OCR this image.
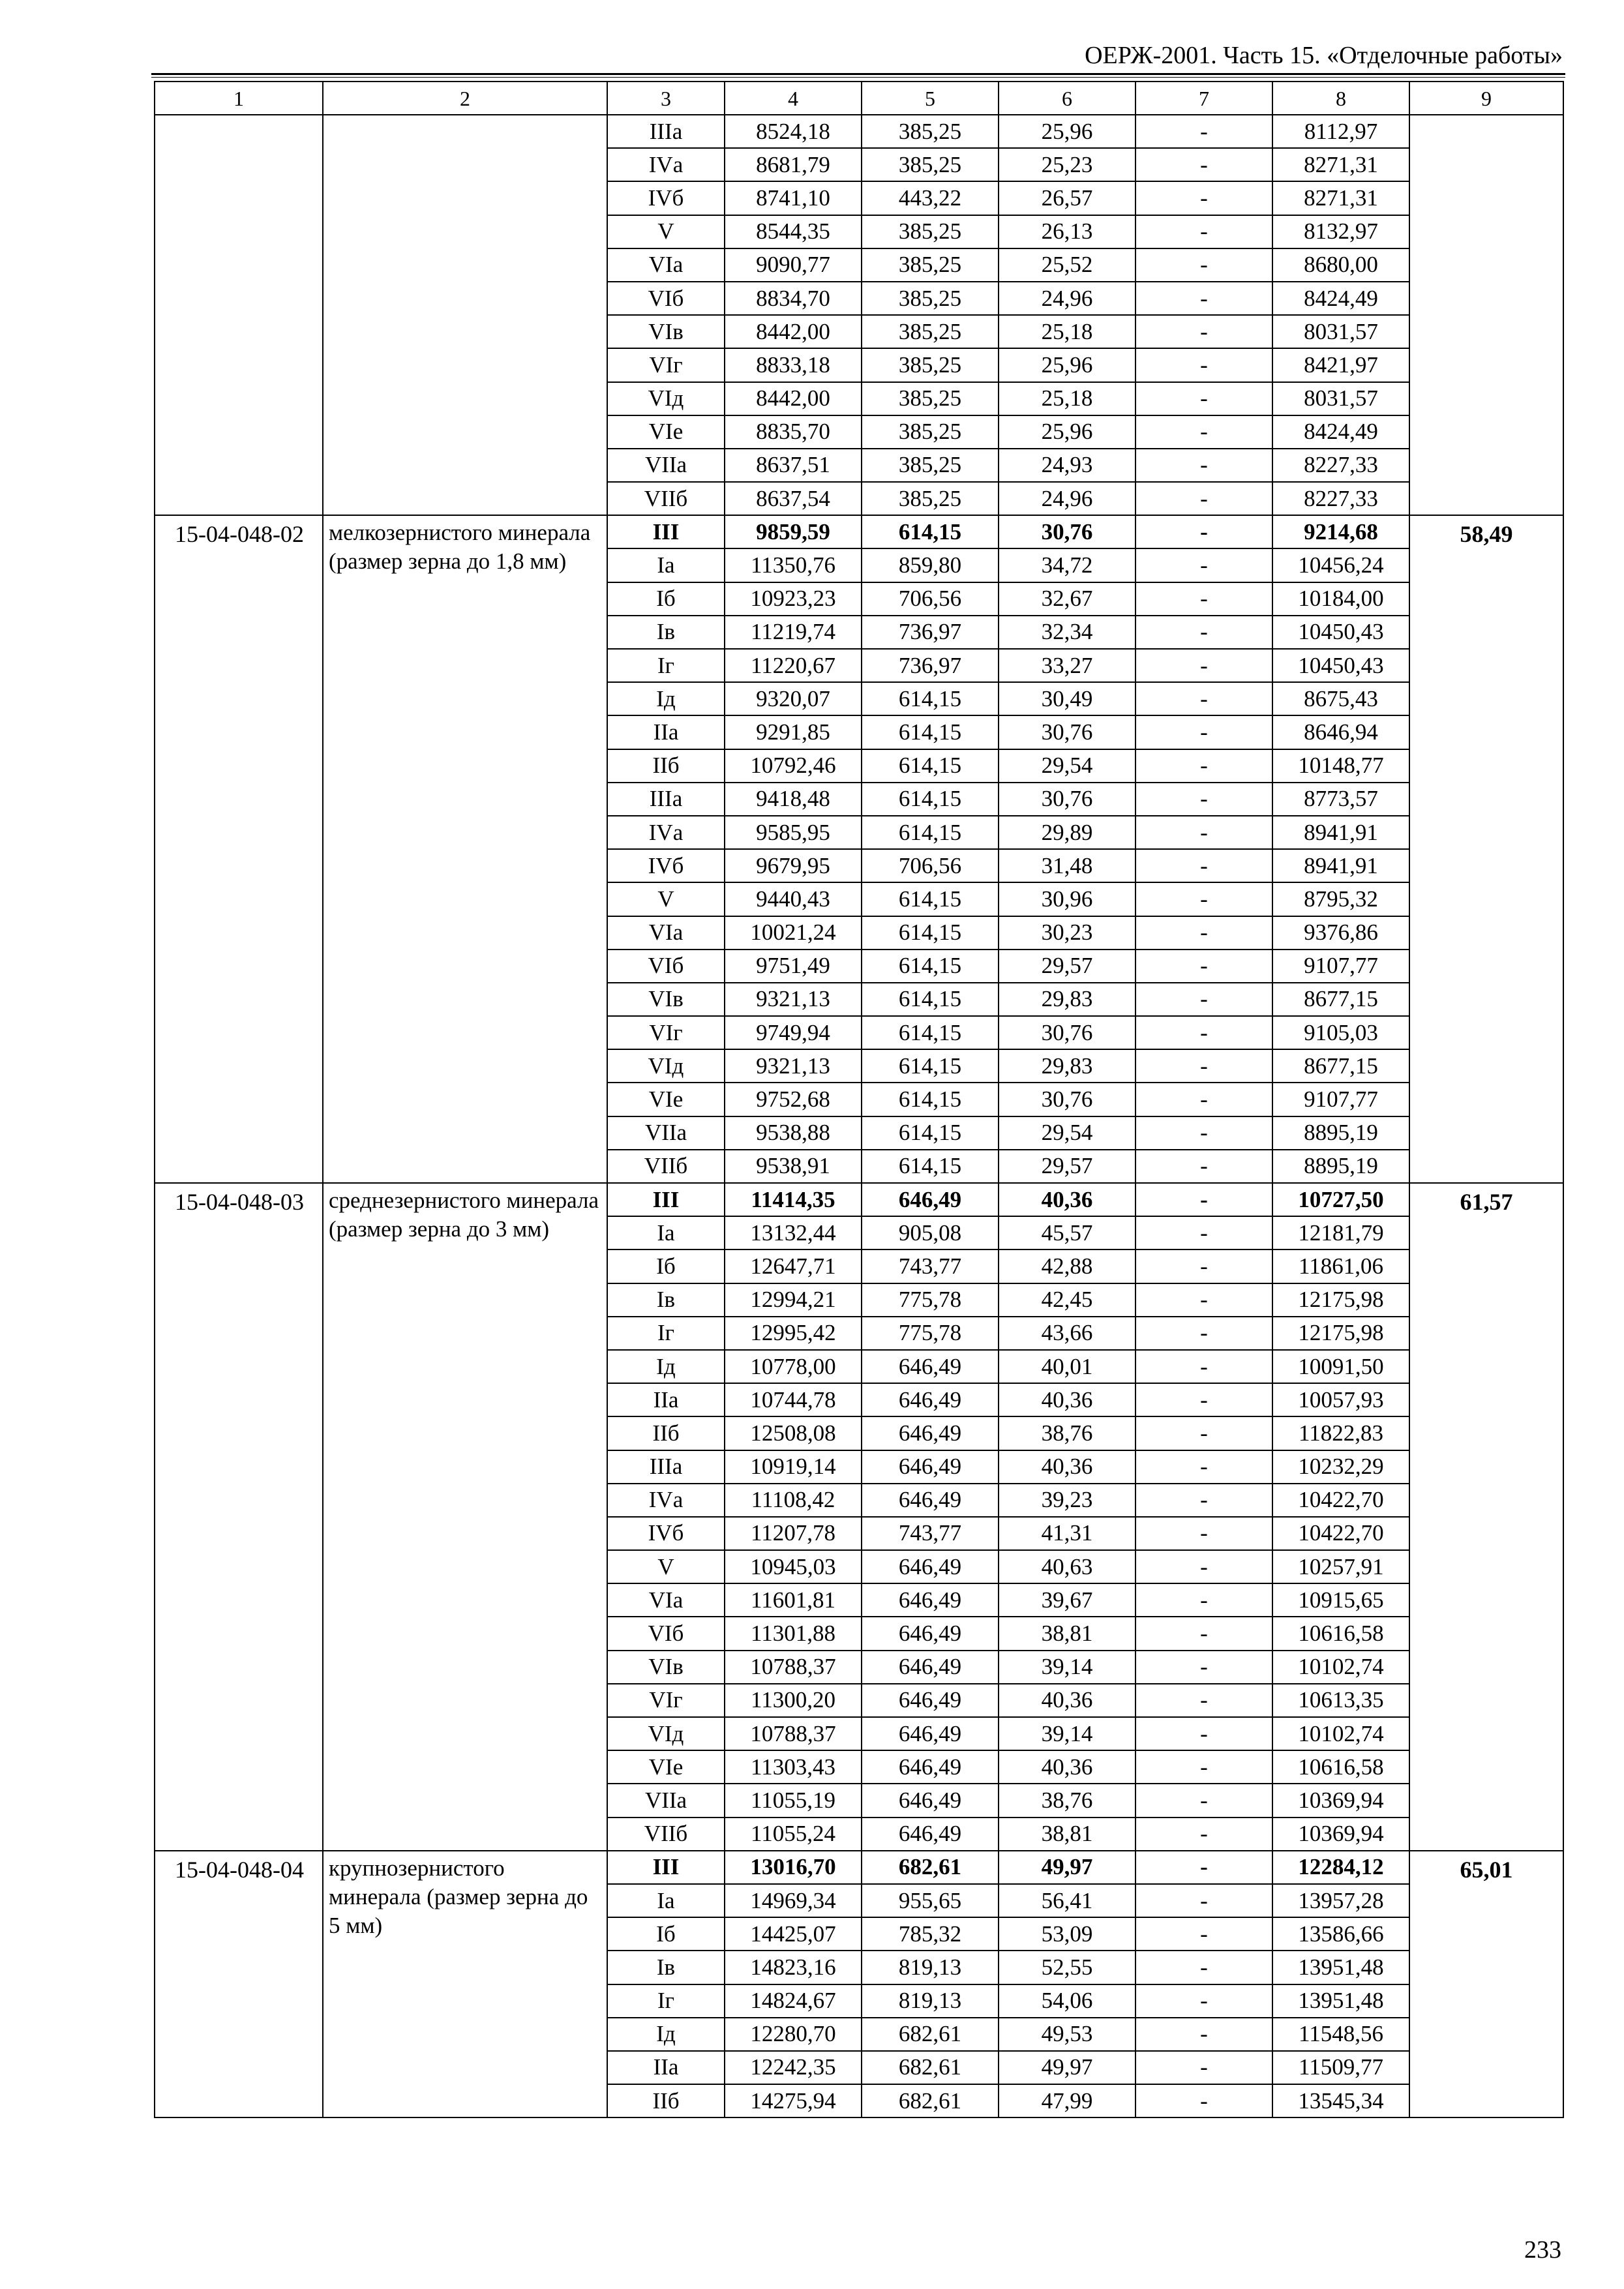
ОЕРЖ-2001. Часть 15. «Отделочные работы»
1	2	3	4	5	6	7	8	9
		IIIа	8524,18	385,25	25,96	-	8112,97	
		IVа	8681,79	385,25	25,23	-	8271,31	
		IVб	8741,10	443,22	26,57	-	8271,31	
		V	8544,35	385,25	26,13	-	8132,97	
		VIа	9090,77	385,25	25,52	-	8680,00	
		VIб	8834,70	385,25	24,96	-	8424,49	
		VIв	8442,00	385,25	25,18	-	8031,57	
		VIг	8833,18	385,25	25,96	-	8421,97	
		VIд	8442,00	385,25	25,18	-	8031,57	
		VIе	8835,70	385,25	25,96	-	8424,49	
		VIIа	8637,51	385,25	24,93	-	8227,33	
		VIIб	8637,54	385,25	24,96	-	8227,33	
15-04-048-02	мелкозернистого минерала (размер зерна до 1,8 мм)	III	9859,59	614,15	30,76	-	9214,68	58,49
		Iа	11350,76	859,80	34,72	-	10456,24	
		Iб	10923,23	706,56	32,67	-	10184,00	
		Iв	11219,74	736,97	32,34	-	10450,43	
		Iг	11220,67	736,97	33,27	-	10450,43	
		Iд	9320,07	614,15	30,49	-	8675,43	
		IIа	9291,85	614,15	30,76	-	8646,94	
		IIб	10792,46	614,15	29,54	-	10148,77	
		IIIа	9418,48	614,15	30,76	-	8773,57	
		IVа	9585,95	614,15	29,89	-	8941,91	
		IVб	9679,95	706,56	31,48	-	8941,91	
		V	9440,43	614,15	30,96	-	8795,32	
		VIа	10021,24	614,15	30,23	-	9376,86	
		VIб	9751,49	614,15	29,57	-	9107,77	
		VIв	9321,13	614,15	29,83	-	8677,15	
		VIг	9749,94	614,15	30,76	-	9105,03	
		VIд	9321,13	614,15	29,83	-	8677,15	
		VIе	9752,68	614,15	30,76	-	9107,77	
		VIIа	9538,88	614,15	29,54	-	8895,19	
		VIIб	9538,91	614,15	29,57	-	8895,19	
15-04-048-03	среднезернистого минерала (размер зерна до 3 мм)	III	11414,35	646,49	40,36	-	10727,50	61,57
		Iа	13132,44	905,08	45,57	-	12181,79	
		Iб	12647,71	743,77	42,88	-	11861,06	
		Iв	12994,21	775,78	42,45	-	12175,98	
		Iг	12995,42	775,78	43,66	-	12175,98	
		Iд	10778,00	646,49	40,01	-	10091,50	
		IIа	10744,78	646,49	40,36	-	10057,93	
		IIб	12508,08	646,49	38,76	-	11822,83	
		IIIа	10919,14	646,49	40,36	-	10232,29	
		IVа	11108,42	646,49	39,23	-	10422,70	
		IVб	11207,78	743,77	41,31	-	10422,70	
		V	10945,03	646,49	40,63	-	10257,91	
		VIа	11601,81	646,49	39,67	-	10915,65	
		VIб	11301,88	646,49	38,81	-	10616,58	
		VIв	10788,37	646,49	39,14	-	10102,74	
		VIг	11300,20	646,49	40,36	-	10613,35	
		VIд	10788,37	646,49	39,14	-	10102,74	
		VIе	11303,43	646,49	40,36	-	10616,58	
		VIIа	11055,19	646,49	38,76	-	10369,94	
		VIIб	11055,24	646,49	38,81	-	10369,94	
15-04-048-04	крупнозернистого минерала (размер зерна до 5 мм)	III	13016,70	682,61	49,97	-	12284,12	65,01
		Iа	14969,34	955,65	56,41	-	13957,28	
		Iб	14425,07	785,32	53,09	-	13586,66	
		Iв	14823,16	819,13	52,55	-	13951,48	
		Iг	14824,67	819,13	54,06	-	13951,48	
		Iд	12280,70	682,61	49,53	-	11548,56	
		IIа	12242,35	682,61	49,97	-	11509,77	
		IIб	14275,94	682,61	47,99	-	13545,34	
233
